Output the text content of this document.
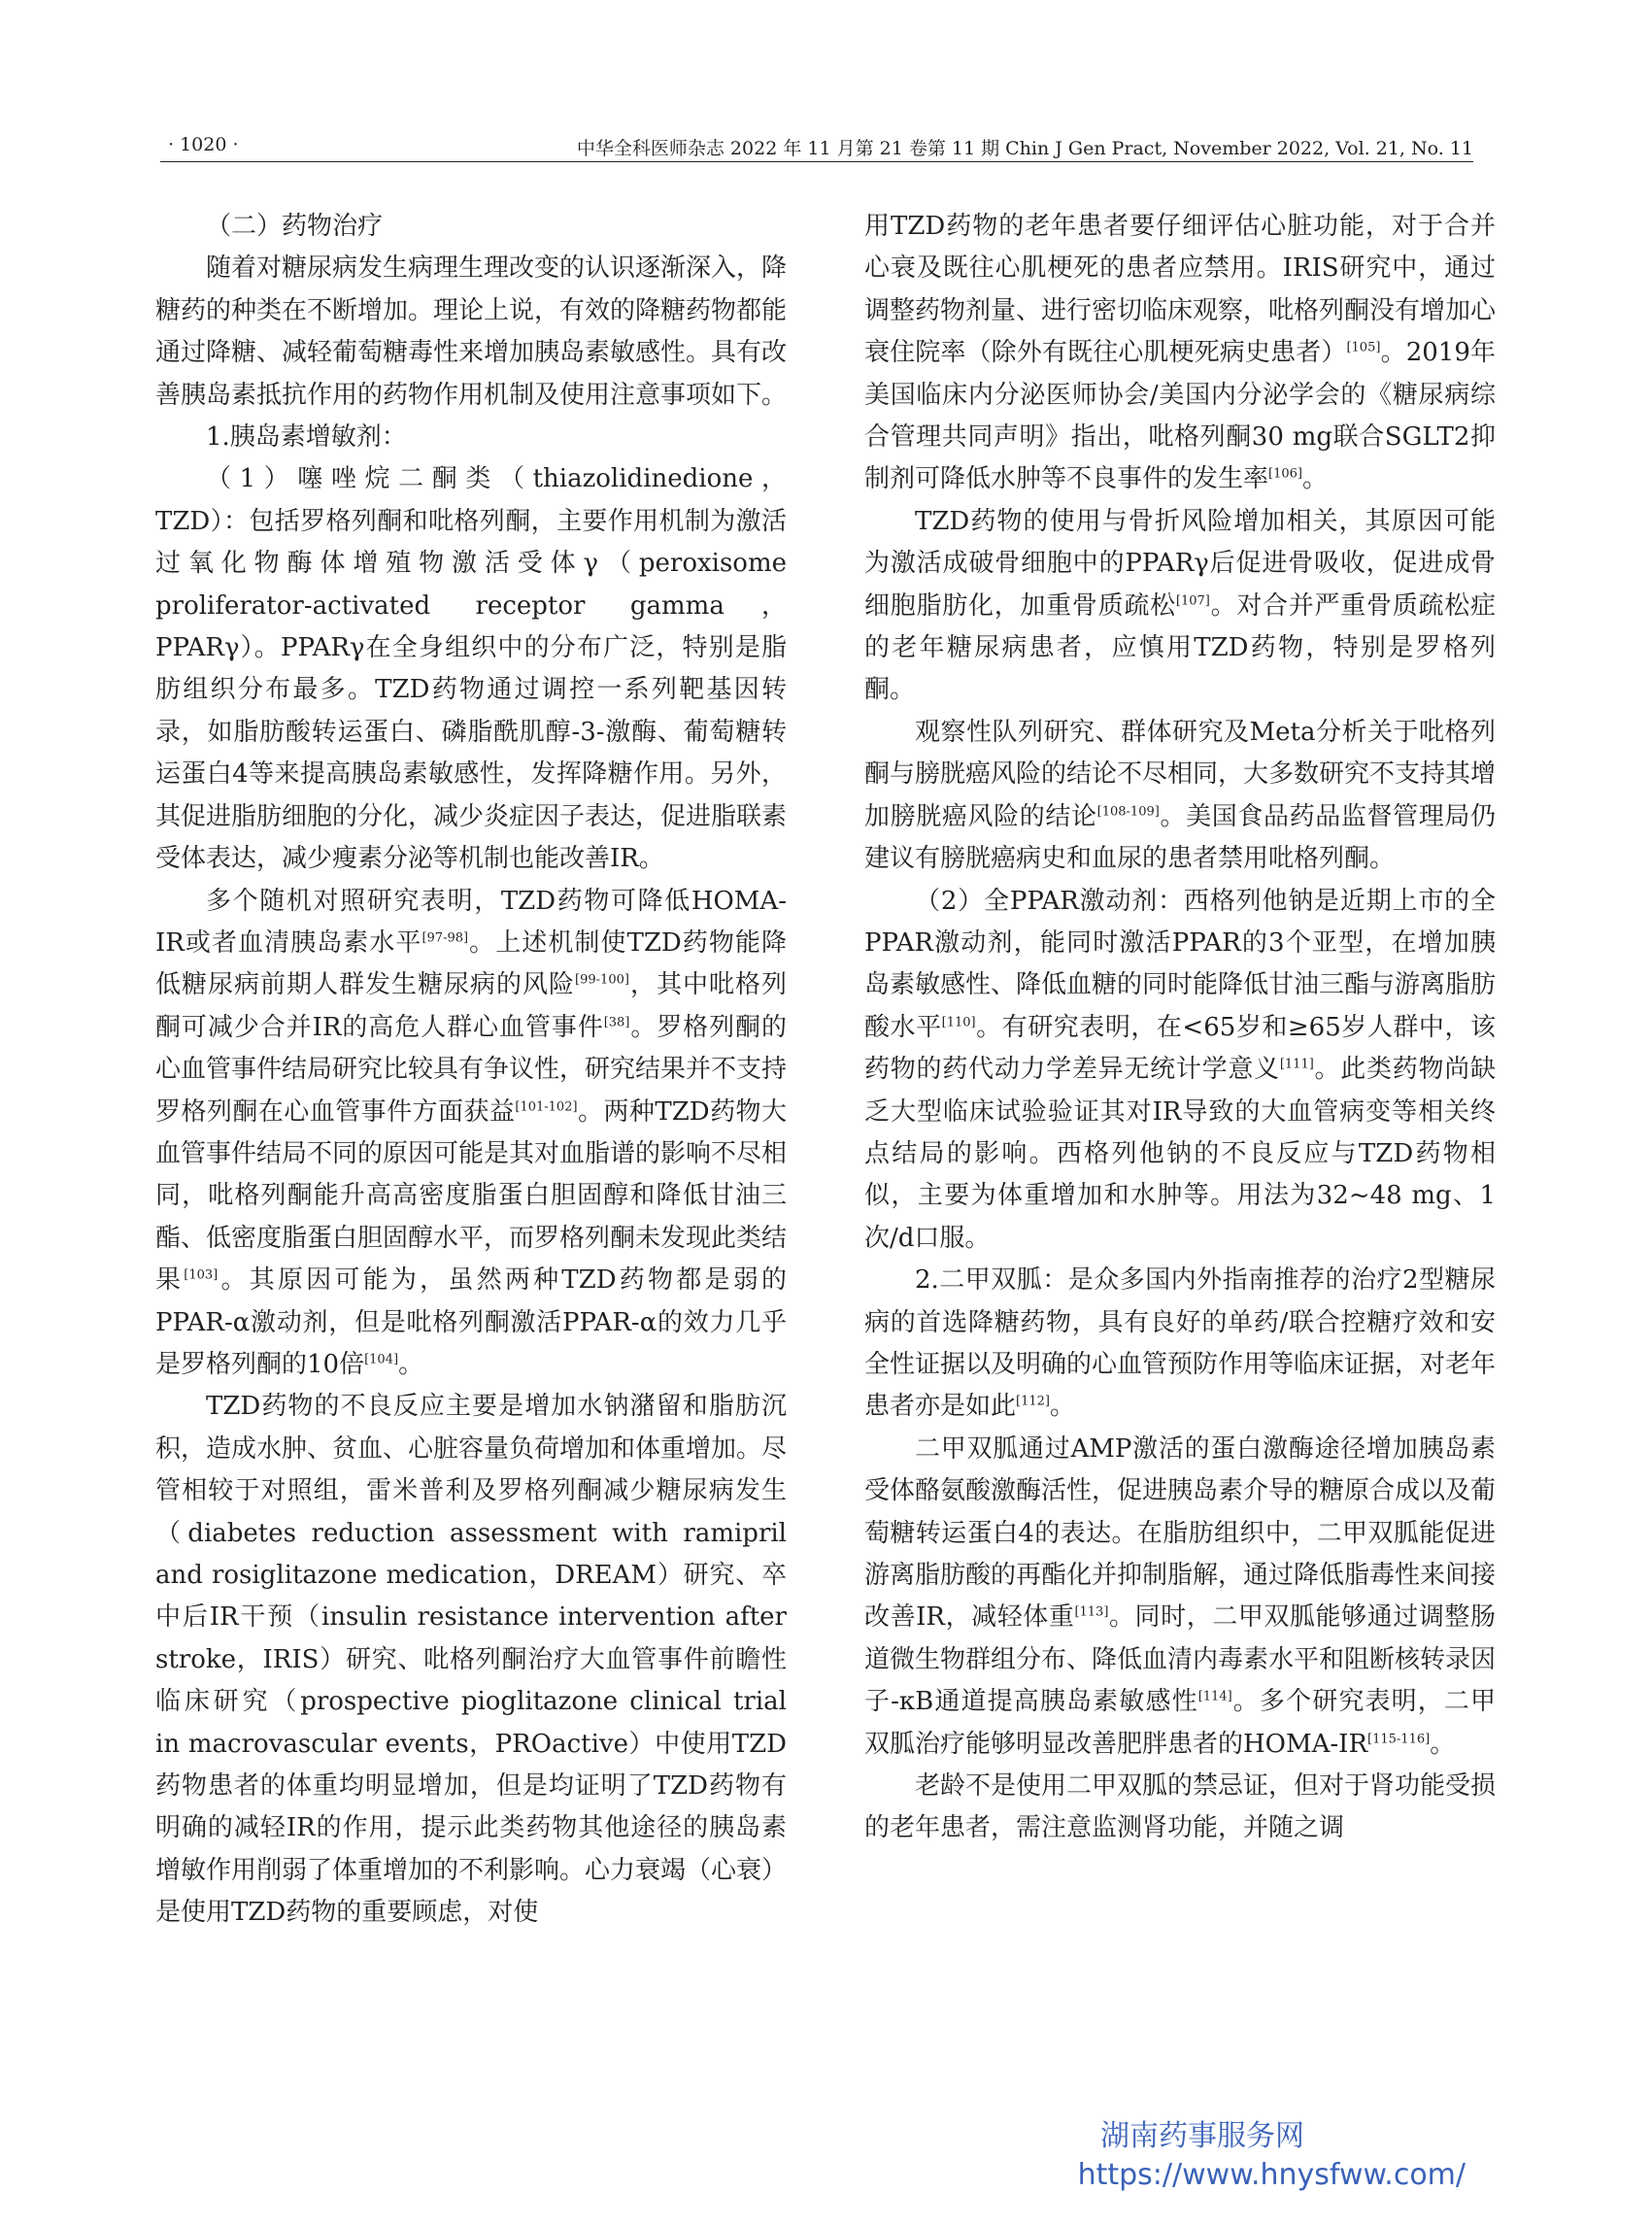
· 1020 ·	中华全科医师杂志 2022 年 11 月第 21 卷第 11 期 Chin J Gen Pract, November 2022, Vol. 21, No. 11

（二）药物治疗

随着对糖尿病发生病理生理改变的认识逐渐深入，降糖药的种类在不断增加。理论上说，有效的降糖药物都能通过降糖、减轻葡萄糖毒性来增加胰岛素敏感性。具有改善胰岛素抵抗作用的药物作用机制及使用注意事项如下。

1.胰岛素增敏剂：

（1）噻唑烷二酮类（thiazolidinedione，TZD）：包括罗格列酮和吡格列酮，主要作用机制为激活过氧化物酶体增殖物激活受体γ（peroxisome proliferator-activated receptor gamma，PPARγ）。PPARγ在全身组织中的分布广泛，特别是脂肪组织分布最多。TZD药物通过调控一系列靶基因转录，如脂肪酸转运蛋白、磷脂酰肌醇-3-激酶、葡萄糖转运蛋白4等来提高胰岛素敏感性，发挥降糖作用。另外，其促进脂肪细胞的分化，减少炎症因子表达，促进脂联素受体表达，减少瘦素分泌等机制也能改善IR。

多个随机对照研究表明，TZD药物可降低HOMA-IR或者血清胰岛素水平[97-98]。上述机制使TZD药物能降低糖尿病前期人群发生糖尿病的风险[99-100]，其中吡格列酮可减少合并IR的高危人群心血管事件[38]。罗格列酮的心血管事件结局研究比较具有争议性，研究结果并不支持罗格列酮在心血管事件方面获益[101-102]。两种TZD药物大血管事件结局不同的原因可能是其对血脂谱的影响不尽相同，吡格列酮能升高高密度脂蛋白胆固醇和降低甘油三酯、低密度脂蛋白胆固醇水平，而罗格列酮未发现此类结果[103]。其原因可能为，虽然两种TZD药物都是弱的PPAR-α激动剂，但是吡格列酮激活PPAR-α的效力几乎是罗格列酮的10倍[104]。

TZD药物的不良反应主要是增加水钠潴留和脂肪沉积，造成水肿、贫血、心脏容量负荷增加和体重增加。尽管相较于对照组，雷米普利及罗格列酮减少糖尿病发生（diabetes reduction assessment with ramipril and rosiglitazone medication，DREAM）研究、卒中后IR干预（insulin resistance intervention after stroke，IRIS）研究、吡格列酮治疗大血管事件前瞻性临床研究（prospective pioglitazone clinical trial in macrovascular events，PROactive）中使用TZD药物患者的体重均明显增加，但是均证明了TZD药物有明确的减轻IR的作用，提示此类药物其他途径的胰岛素增敏作用削弱了体重增加的不利影响。心力衰竭（心衰）是使用TZD药物的重要顾虑，对使

用TZD药物的老年患者要仔细评估心脏功能，对于合并心衰及既往心肌梗死的患者应禁用。IRIS研究中，通过调整药物剂量、进行密切临床观察，吡格列酮没有增加心衰住院率（除外有既往心肌梗死病史患者）[105]。2019年美国临床内分泌医师协会/美国内分泌学会的《糖尿病综合管理共同声明》指出，吡格列酮30 mg联合SGLT2抑制剂可降低水肿等不良事件的发生率[106]。

TZD药物的使用与骨折风险增加相关，其原因可能为激活成破骨细胞中的PPARγ后促进骨吸收，促进成骨细胞脂肪化，加重骨质疏松[107]。对合并严重骨质疏松症的老年糖尿病患者，应慎用TZD药物，特别是罗格列酮。

观察性队列研究、群体研究及Meta分析关于吡格列酮与膀胱癌风险的结论不尽相同，大多数研究不支持其增加膀胱癌风险的结论[108-109]。美国食品药品监督管理局仍建议有膀胱癌病史和血尿的患者禁用吡格列酮。

（2）全PPAR激动剂：西格列他钠是近期上市的全PPAR激动剂，能同时激活PPAR的3个亚型，在增加胰岛素敏感性、降低血糖的同时能降低甘油三酯与游离脂肪酸水平[110]。有研究表明，在<65岁和≥65岁人群中，该药物的药代动力学差异无统计学意义[111]。此类药物尚缺乏大型临床试验验证其对IR导致的大血管病变等相关终点结局的影响。西格列他钠的不良反应与TZD药物相似，主要为体重增加和水肿等。用法为32~48 mg、1次/d口服。

2.二甲双胍：是众多国内外指南推荐的治疗2型糖尿病的首选降糖药物，具有良好的单药/联合控糖疗效和安全性证据以及明确的心血管预防作用等临床证据，对老年患者亦是如此[112]。

二甲双胍通过AMP激活的蛋白激酶途径增加胰岛素受体酪氨酸激酶活性，促进胰岛素介导的糖原合成以及葡萄糖转运蛋白4的表达。在脂肪组织中，二甲双胍能促进游离脂肪酸的再酯化并抑制脂解，通过降低脂毒性来间接改善IR，减轻体重[113]。同时，二甲双胍能够通过调整肠道微生物群组分布、降低血清内毒素水平和阻断核转录因子-κB通道提高胰岛素敏感性[114]。多个研究表明，二甲双胍治疗能够明显改善肥胖患者的HOMA-IR[115-116]。

老龄不是使用二甲双胍的禁忌证，但对于肾功能受损的老年患者，需注意监测肾功能，并随之调

湖南药事服务网
https://www.hnysfww.com/
